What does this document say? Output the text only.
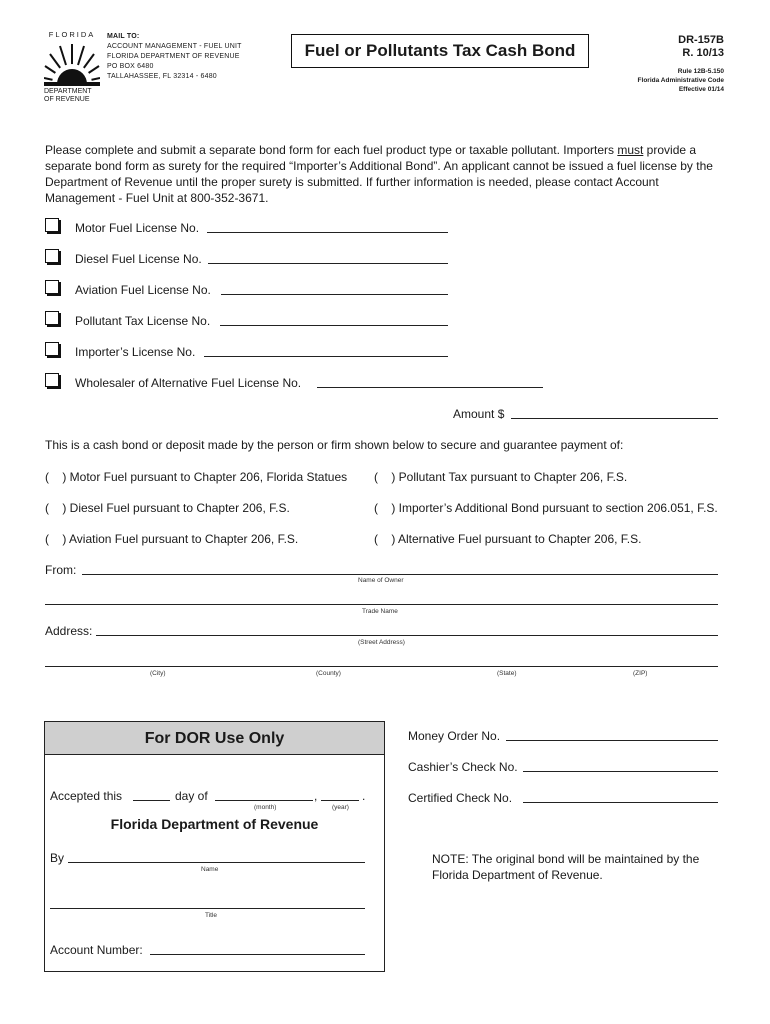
FLORIDA
DEPARTMENT
OF REVENUE
MAIL TO:
ACCOUNT MANAGEMENT - FUEL UNIT
FLORIDA DEPARTMENT OF REVENUE
PO BOX 6480
TALLAHASSEE, FL 32314 - 6480
Fuel or Pollutants Tax Cash Bond
DR-157B
R. 10/13
Rule 12B-5.150
Florida Administrative Code
Effective 01/14
Please complete and submit a separate bond form for each fuel product type or taxable pollutant. Importers must provide a separate bond form as surety for the required “Importer’s Additional Bond”. An applicant cannot be issued a fuel license by the Department of Revenue until the proper surety is submitted. If further information is needed, please contact Account Management - Fuel Unit at 800-352-3671.
Motor Fuel License No.
Diesel Fuel License No.
Aviation Fuel License No.
Pollutant Tax License No.
Importer’s License No.
Wholesaler of Alternative Fuel License No.
Amount $
This is a cash bond or deposit made by the person or firm shown below to secure and guarantee payment of:
(    ) Motor Fuel pursuant to Chapter 206, Florida Statues
(    ) Diesel Fuel pursuant to Chapter 206, F.S.
(    ) Aviation Fuel pursuant to Chapter 206, F.S.
(    ) Pollutant Tax pursuant to Chapter 206, F.S.
(    ) Importer’s Additional Bond pursuant to section 206.051, F.S.
(    ) Alternative Fuel pursuant to Chapter 206, F.S.
From:
Name of Owner
Trade Name
Address:
(Street Address)
(City)	(County)	(State)	(ZIP)
For DOR Use Only
Accepted this	day of	,	.
(month)	(year)
Florida Department of Revenue
By
Name
Title
Account Number:
Money Order No.
Cashier’s Check No.
Certified Check No.
NOTE: The original bond will be maintained by the Florida Department of Revenue.
